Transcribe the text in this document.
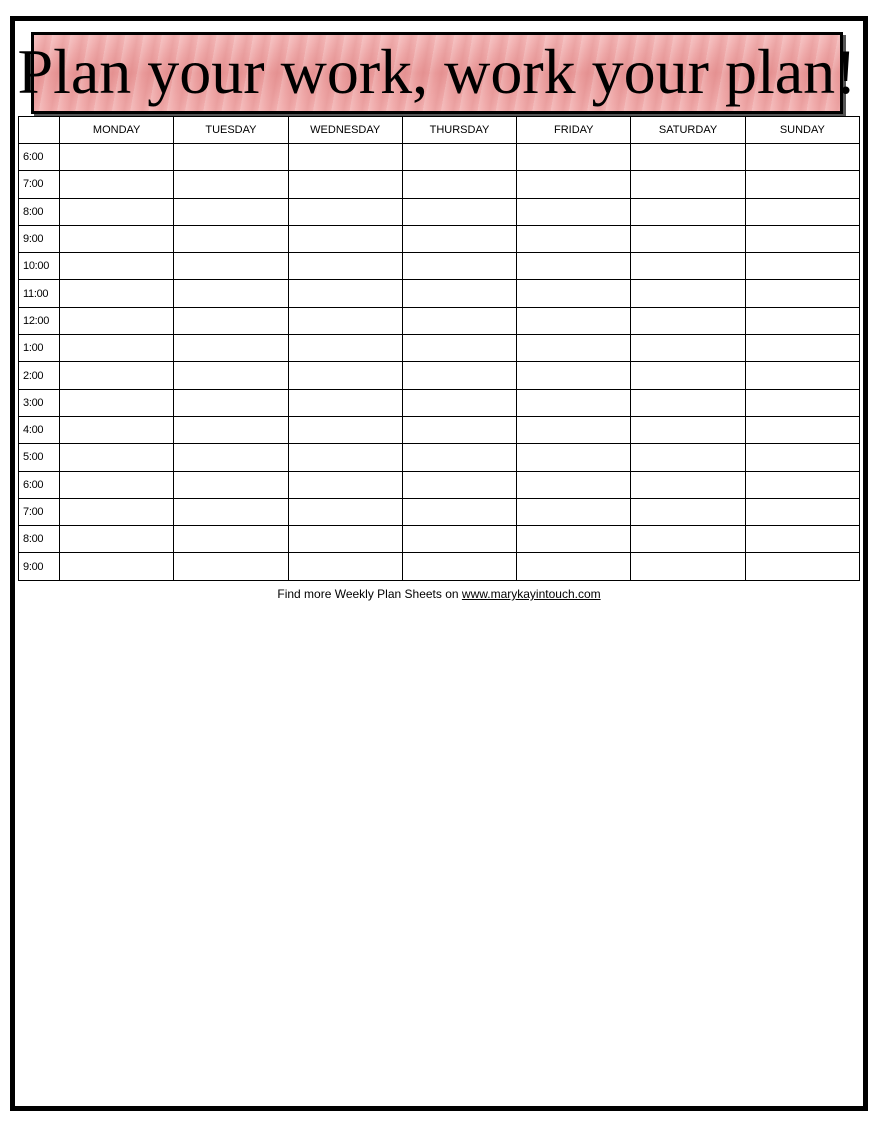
Plan your work, work your plan!
	MONDAY	TUESDAY	WEDNESDAY	THURSDAY	FRIDAY	SATURDAY	SUNDAY
6:00							
7:00							
8:00							
9:00							
10:00							
11:00							
12:00							
1:00							
2:00							
3:00							
4:00							
5:00							
6:00							
7:00							
8:00							
9:00							
Find more Weekly Plan Sheets on www.marykayintouch.com
